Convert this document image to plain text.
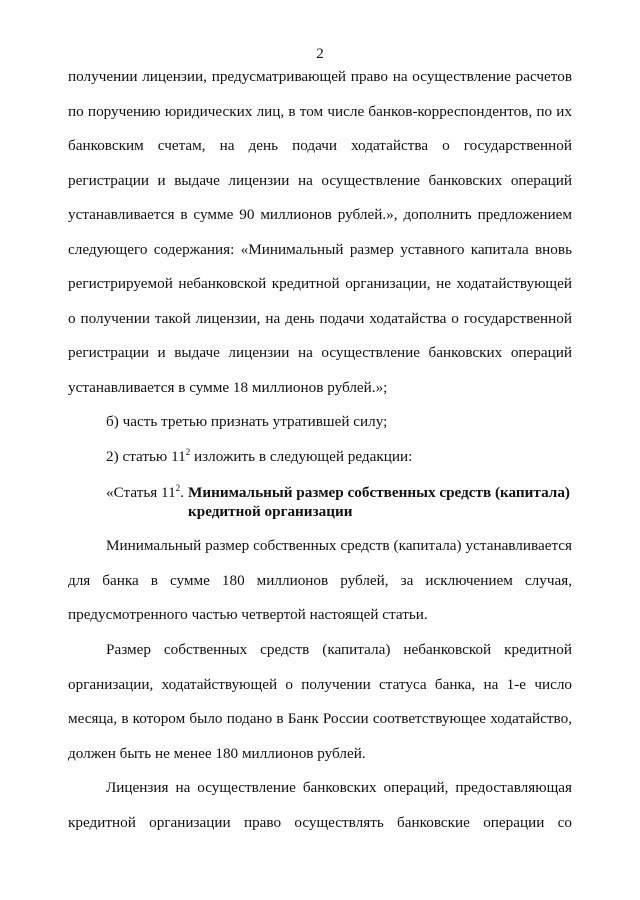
2
получении лицензии, предусматривающей право на осуществление расчетов
по поручению юридических лиц, в том числе банков-корреспондентов, по их
банковским счетам, на день подачи ходатайства о государственной
регистрации и выдаче лицензии на осуществление банковских операций
устанавливается в сумме 90 миллионов рублей.», дополнить предложением
следующего содержания: «Минимальный размер уставного капитала вновь
регистрируемой небанковской кредитной организации, не ходатайствующей
о получении такой лицензии, на день подачи ходатайства о государственной
регистрации и выдаче лицензии на осуществление банковских операций
устанавливается в сумме 18 миллионов рублей.»;
б) часть третью признать утратившей силу;
2) статью $11^2$ изложить в следующей редакции:
«Статья $11^2$. Минимальный размер собственных средств (капитала)
кредитной организации
Минимальный размер собственных средств (капитала) устанавливается
для банка в сумме 180 миллионов рублей, за исключением случая,
предусмотренного частью четвертой настоящей статьи.
Размер собственных средств (капитала) небанковской кредитной
организации, ходатайствующей о получении статуса банка, на 1-е число
месяца, в котором было подано в Банк России соответствующее ходатайство,
должен быть не менее 180 миллионов рублей.
Лицензия на осуществление банковских операций, предоставляющая
кредитной организации право осуществлять банковские операции со
